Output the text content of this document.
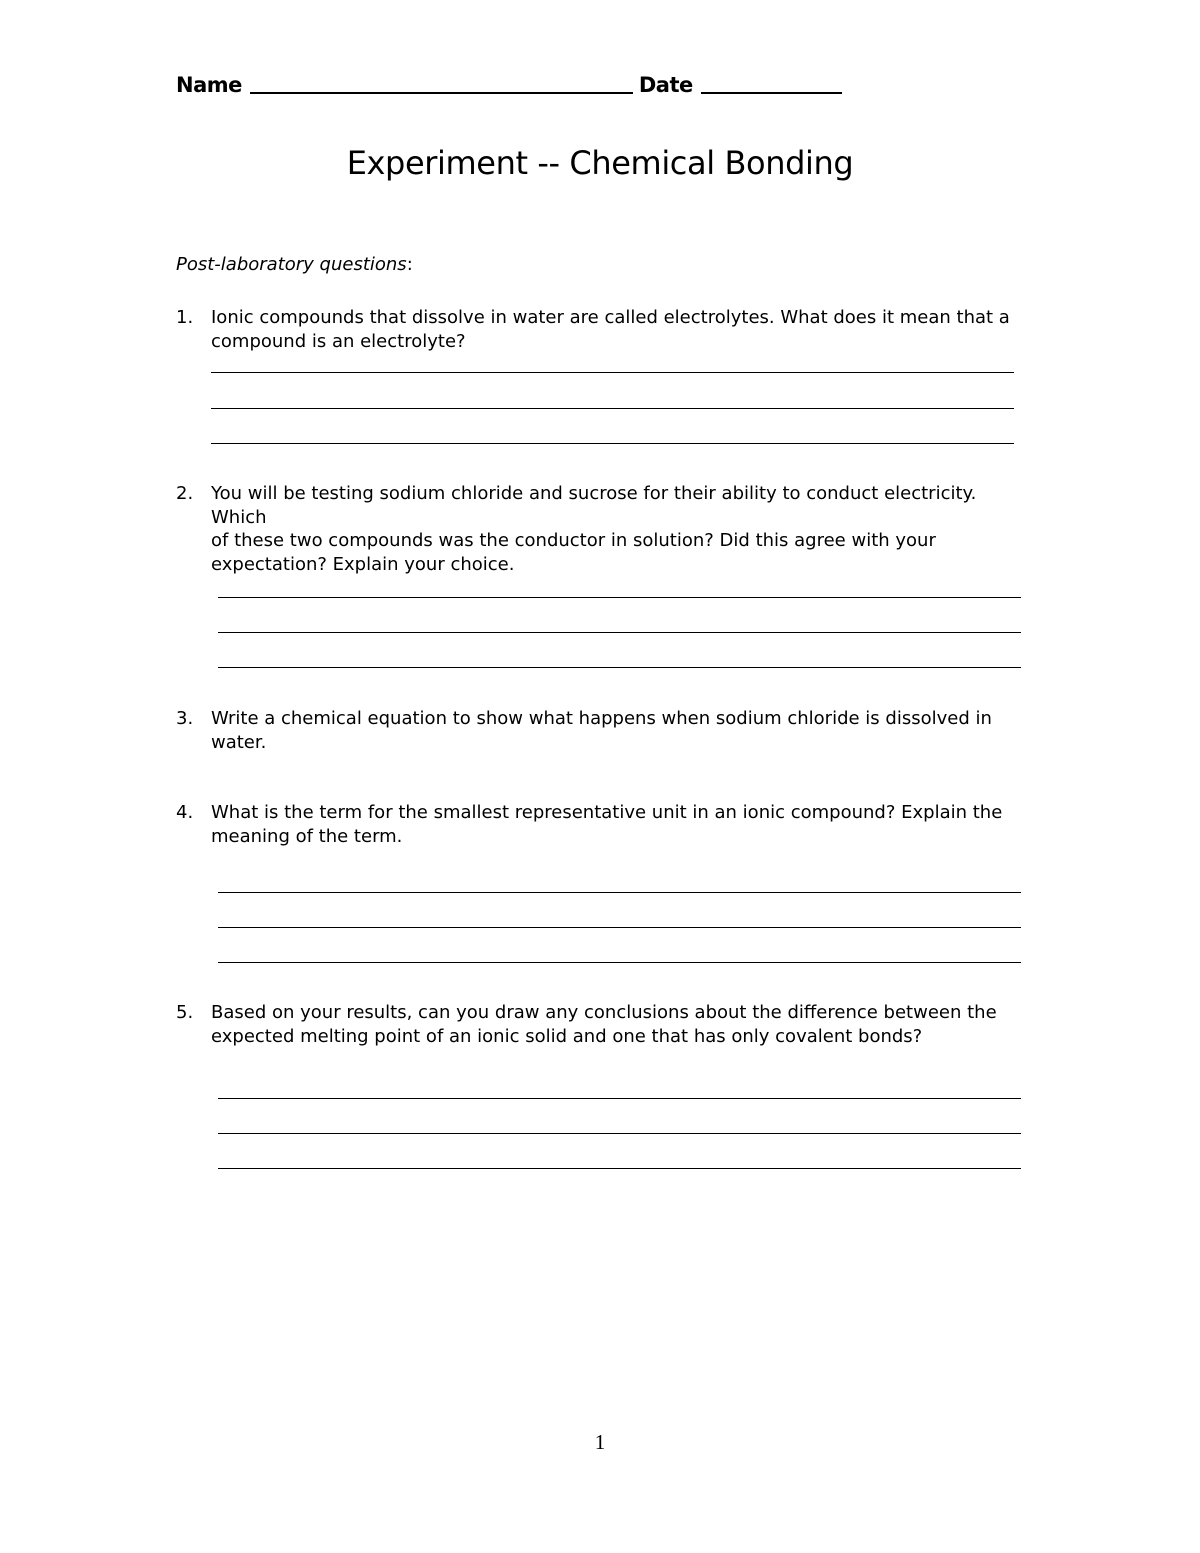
Name	Date
Experiment -- Chemical Bonding
Post-laboratory questions:
1. Ionic compounds that dissolve in water are called electrolytes. What does it mean that a
compound is an electrolyte?
2. You will be testing sodium chloride and sucrose for their ability to conduct electricity. Which
of these two compounds was the conductor in solution? Did this agree with your
expectation? Explain your choice.
3. Write a chemical equation to show what happens when sodium chloride is dissolved in water.
4. What is the term for the smallest representative unit in an ionic compound? Explain the
meaning of the term.
5. Based on your results, can you draw any conclusions about the difference between the
expected melting point of an ionic solid and one that has only covalent bonds?
1
